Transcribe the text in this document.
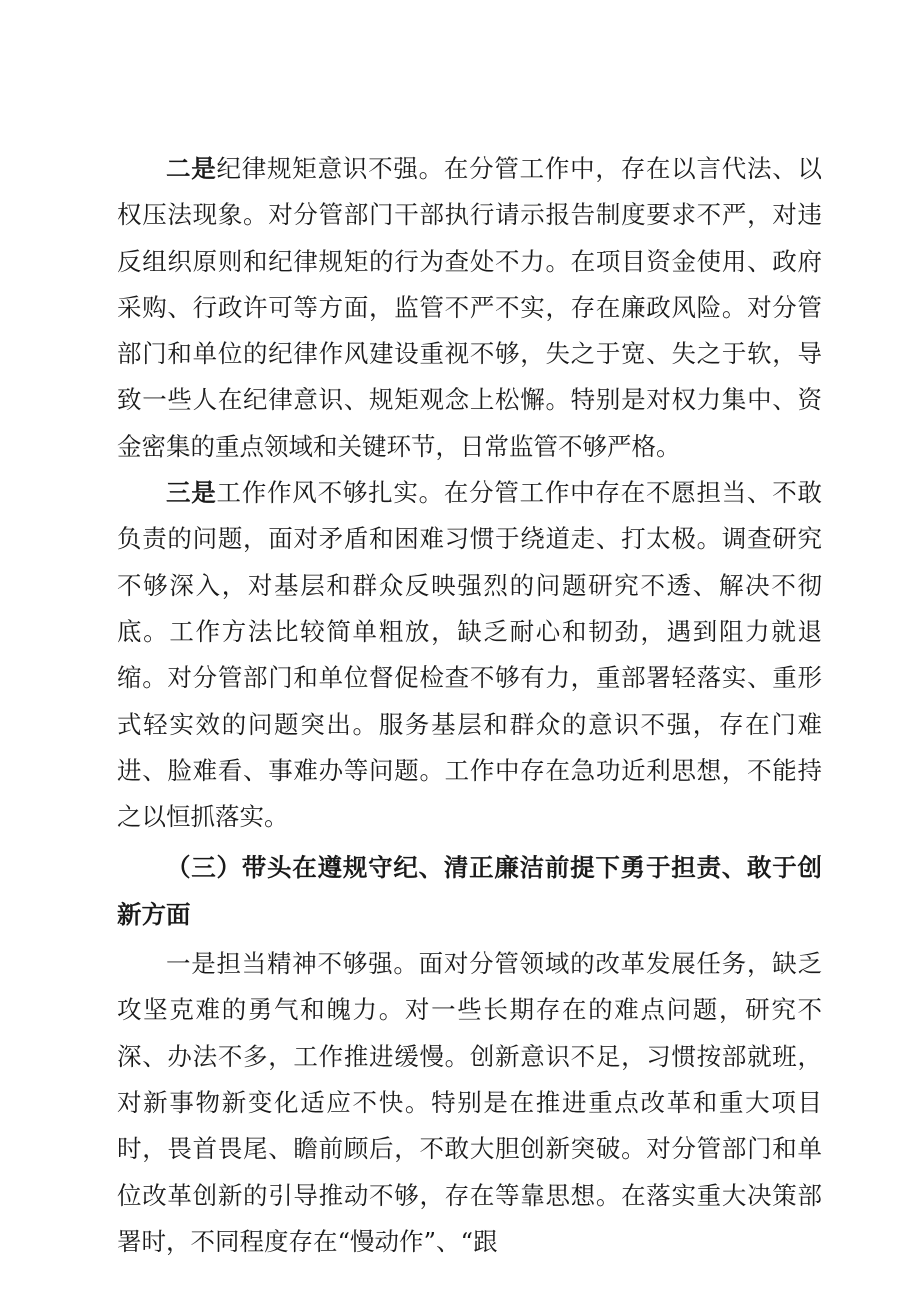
二是纪律规矩意识不强。在分管工作中，存在以言代法、以权压法现象。对分管部门干部执行请示报告制度要求不严，对违反组织原则和纪律规矩的行为查处不力。在项目资金使用、政府采购、行政许可等方面，监管不严不实，存在廉政风险。对分管部门和单位的纪律作风建设重视不够，失之于宽、失之于软，导致一些人在纪律意识、规矩观念上松懈。特别是对权力集中、资金密集的重点领域和关键环节，日常监管不够严格。

三是工作作风不够扎实。在分管工作中存在不愿担当、不敢负责的问题，面对矛盾和困难习惯于绕道走、打太极。调查研究不够深入，对基层和群众反映强烈的问题研究不透、解决不彻底。工作方法比较简单粗放，缺乏耐心和韧劲，遇到阻力就退缩。对分管部门和单位督促检查不够有力，重部署轻落实、重形式轻实效的问题突出。服务基层和群众的意识不强，存在门难进、脸难看、事难办等问题。工作中存在急功近利思想，不能持之以恒抓落实。

（三）带头在遵规守纪、清正廉洁前提下勇于担责、敢于创新方面

一是担当精神不够强。面对分管领域的改革发展任务，缺乏攻坚克难的勇气和魄力。对一些长期存在的难点问题，研究不深、办法不多，工作推进缓慢。创新意识不足，习惯按部就班，对新事物新变化适应不快。特别是在推进重点改革和重大项目时，畏首畏尾、瞻前顾后，不敢大胆创新突破。对分管部门和单位改革创新的引导推动不够，存在等靠思想。在落实重大决策部署时，不同程度存在“慢动作”、“跟
